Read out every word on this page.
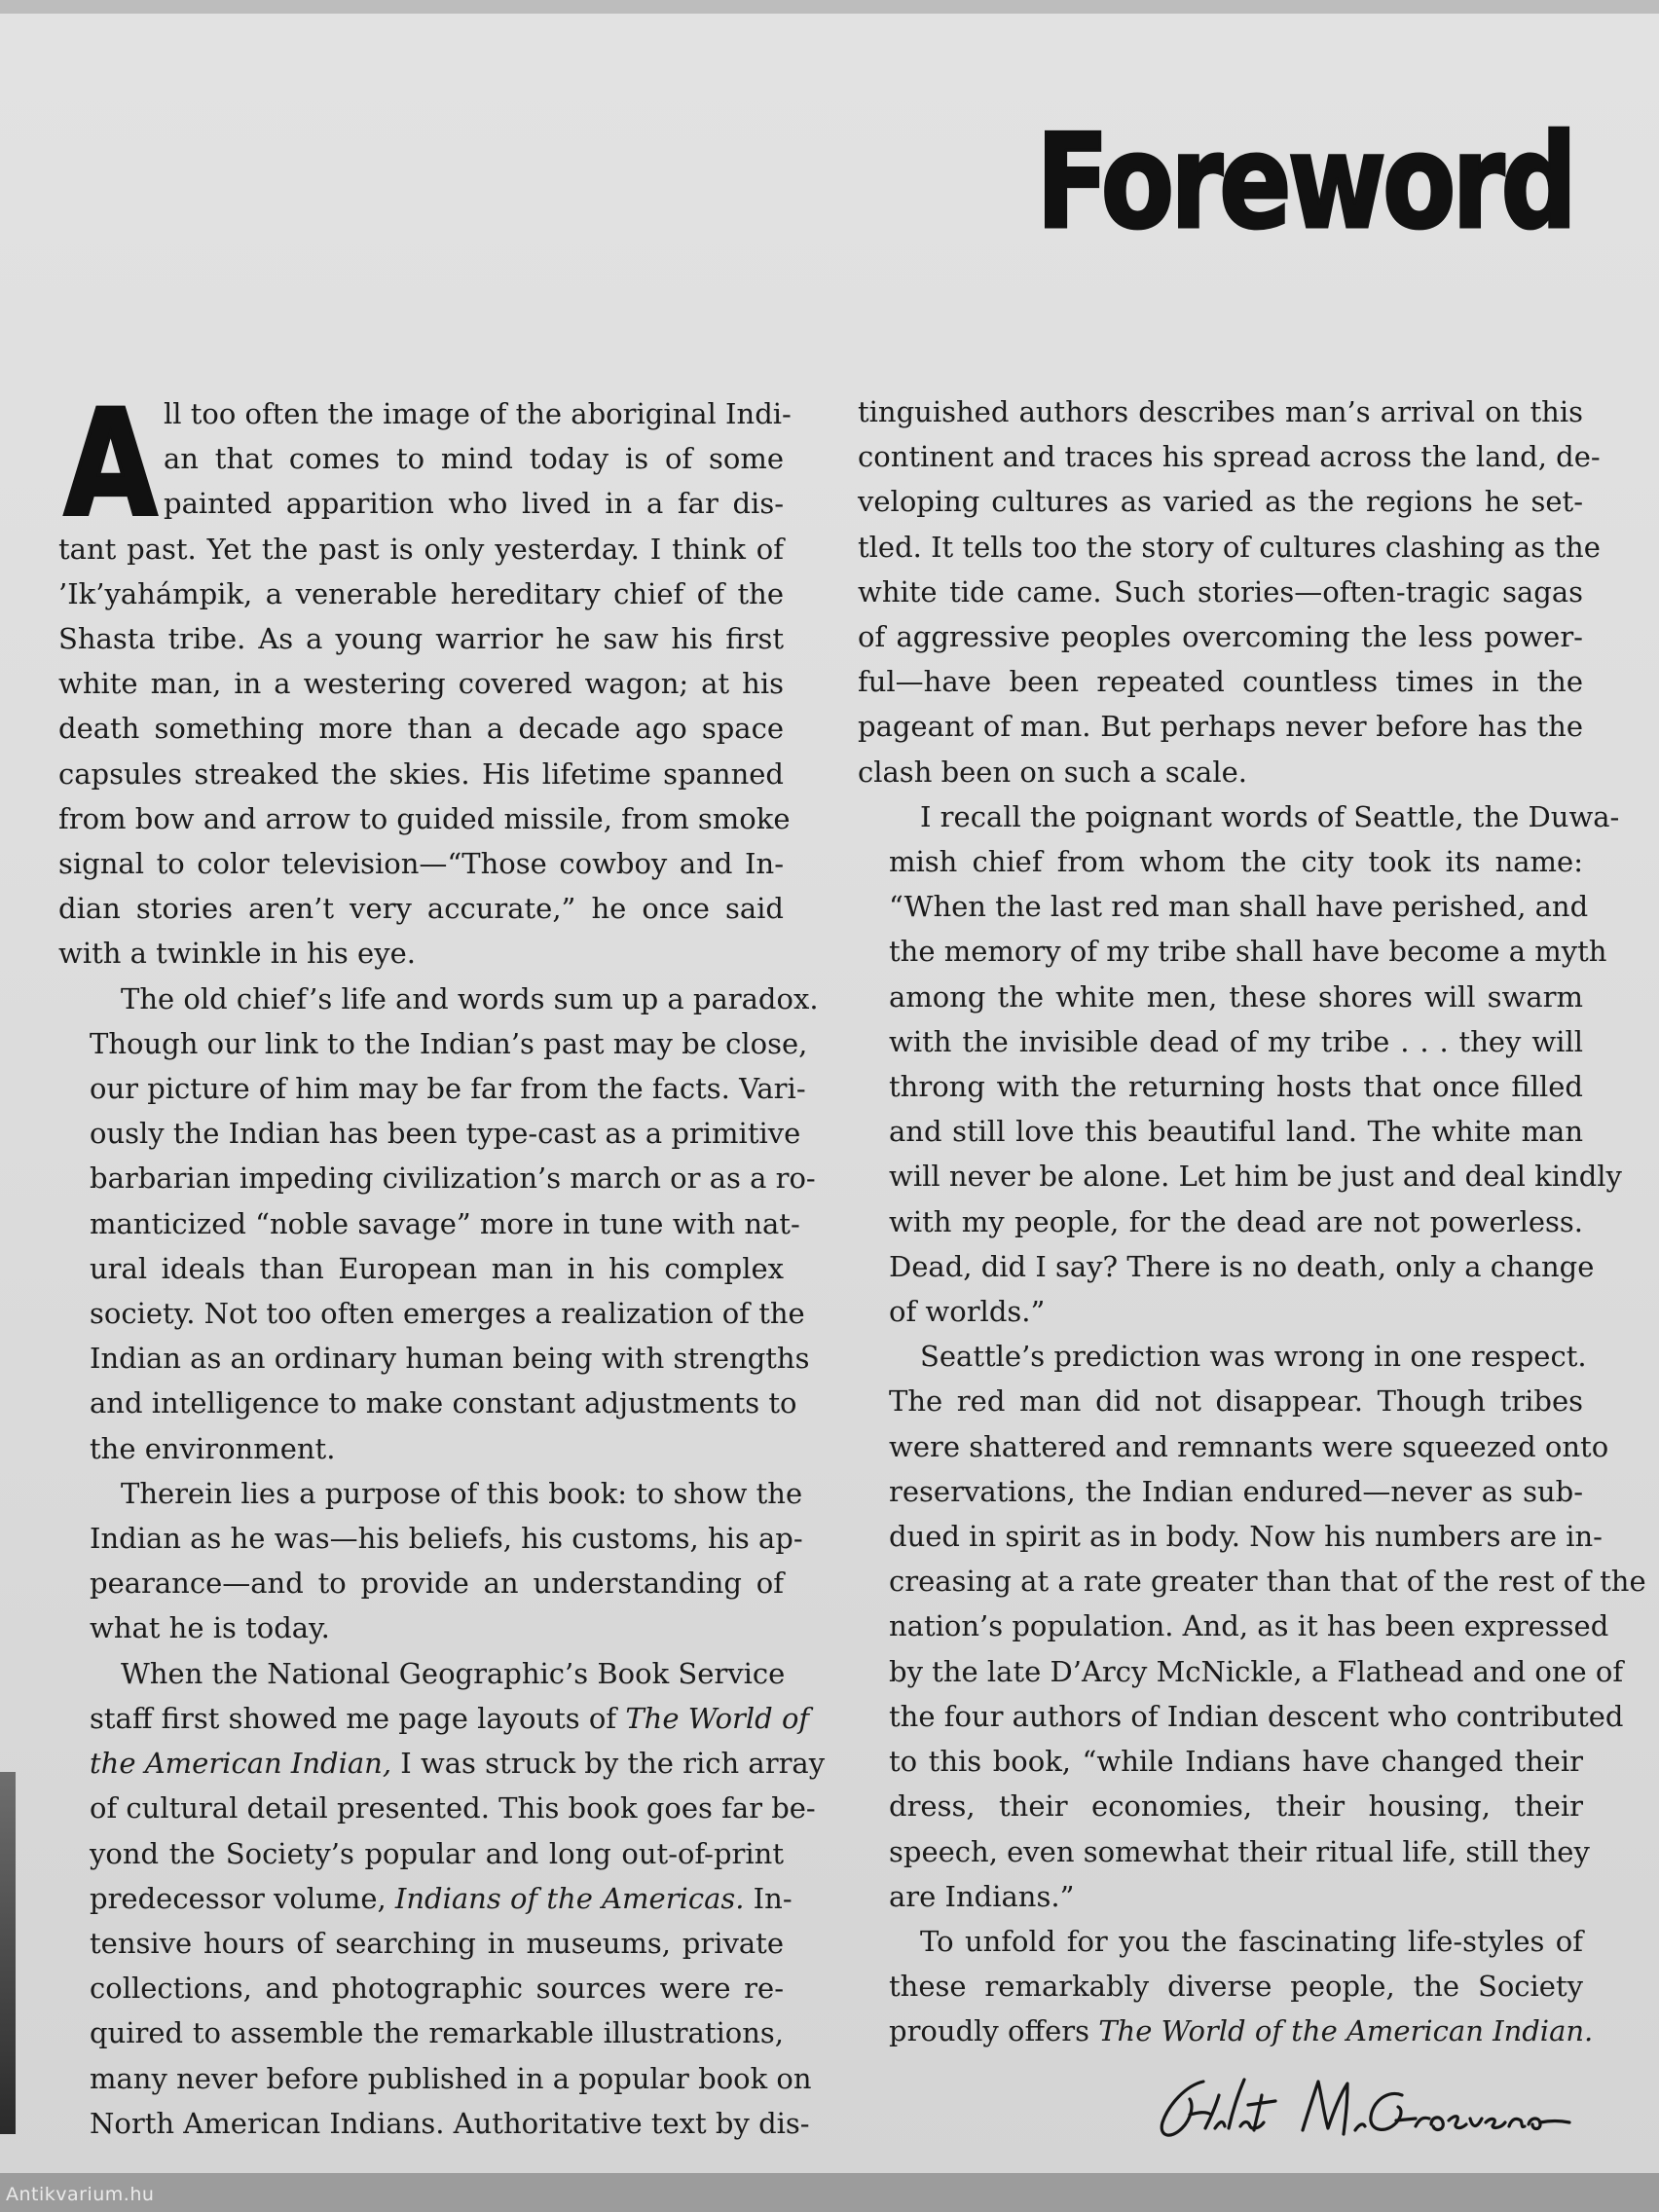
Foreword

A ll too often the image of the aboriginal Indi-
an that comes to mind today is of some
painted apparition who lived in a far dis-
tant past. Yet the past is only yesterday. I think of
’Ik’yahámpik, a venerable hereditary chief of the
Shasta tribe. As a young warrior he saw his first
white man, in a westering covered wagon; at his
death something more than a decade ago space
capsules streaked the skies. His lifetime spanned
from bow and arrow to guided missile, from smoke
signal to color television—“Those cowboy and In-
dian stories aren’t very accurate,” he once said
with a twinkle in his eye.

The old chief’s life and words sum up a paradox.
Though our link to the Indian’s past may be close,
our picture of him may be far from the facts. Vari-
ously the Indian has been type-cast as a primitive
barbarian impeding civilization’s march or as a ro-
manticized “noble savage” more in tune with nat-
ural ideals than European man in his complex
society. Not too often emerges a realization of the
Indian as an ordinary human being with strengths
and intelligence to make constant adjustments to
the environment.

Therein lies a purpose of this book: to show the
Indian as he was—his beliefs, his customs, his ap-
pearance—and to provide an understanding of
what he is today.

When the National Geographic’s Book Service
staff first showed me page layouts of The World of
the American Indian, I was struck by the rich array
of cultural detail presented. This book goes far be-
yond the Society’s popular and long out-of-print
predecessor volume, Indians of the Americas. In-
tensive hours of searching in museums, private
collections, and photographic sources were re-
quired to assemble the remarkable illustrations,
many never before published in a popular book on
North American Indians. Authoritative text by dis-

tinguished authors describes man’s arrival on this
continent and traces his spread across the land, de-
veloping cultures as varied as the regions he set-
tled. It tells too the story of cultures clashing as the
white tide came. Such stories—often-tragic sagas
of aggressive peoples overcoming the less power-
ful—have been repeated countless times in the
pageant of man. But perhaps never before has the
clash been on such a scale.

I recall the poignant words of Seattle, the Duwa-
mish chief from whom the city took its name:
“When the last red man shall have perished, and
the memory of my tribe shall have become a myth
among the white men, these shores will swarm
with the invisible dead of my tribe . . . they will
throng with the returning hosts that once filled
and still love this beautiful land. The white man
will never be alone. Let him be just and deal kindly
with my people, for the dead are not powerless.
Dead, did I say? There is no death, only a change
of worlds.”

Seattle’s prediction was wrong in one respect.
The red man did not disappear. Though tribes
were shattered and remnants were squeezed onto
reservations, the Indian endured—never as sub-
dued in spirit as in body. Now his numbers are in-
creasing at a rate greater than that of the rest of the
nation’s population. And, as it has been expressed
by the late D’Arcy McNickle, a Flathead and one of
the four authors of Indian descent who contributed
to this book, “while Indians have changed their
dress, their economies, their housing, their
speech, even somewhat their ritual life, still they
are Indians.”

To unfold for you the fascinating life-styles of
these remarkably diverse people, the Society
proudly offers The World of the American Indian.

Antikvarium.hu
